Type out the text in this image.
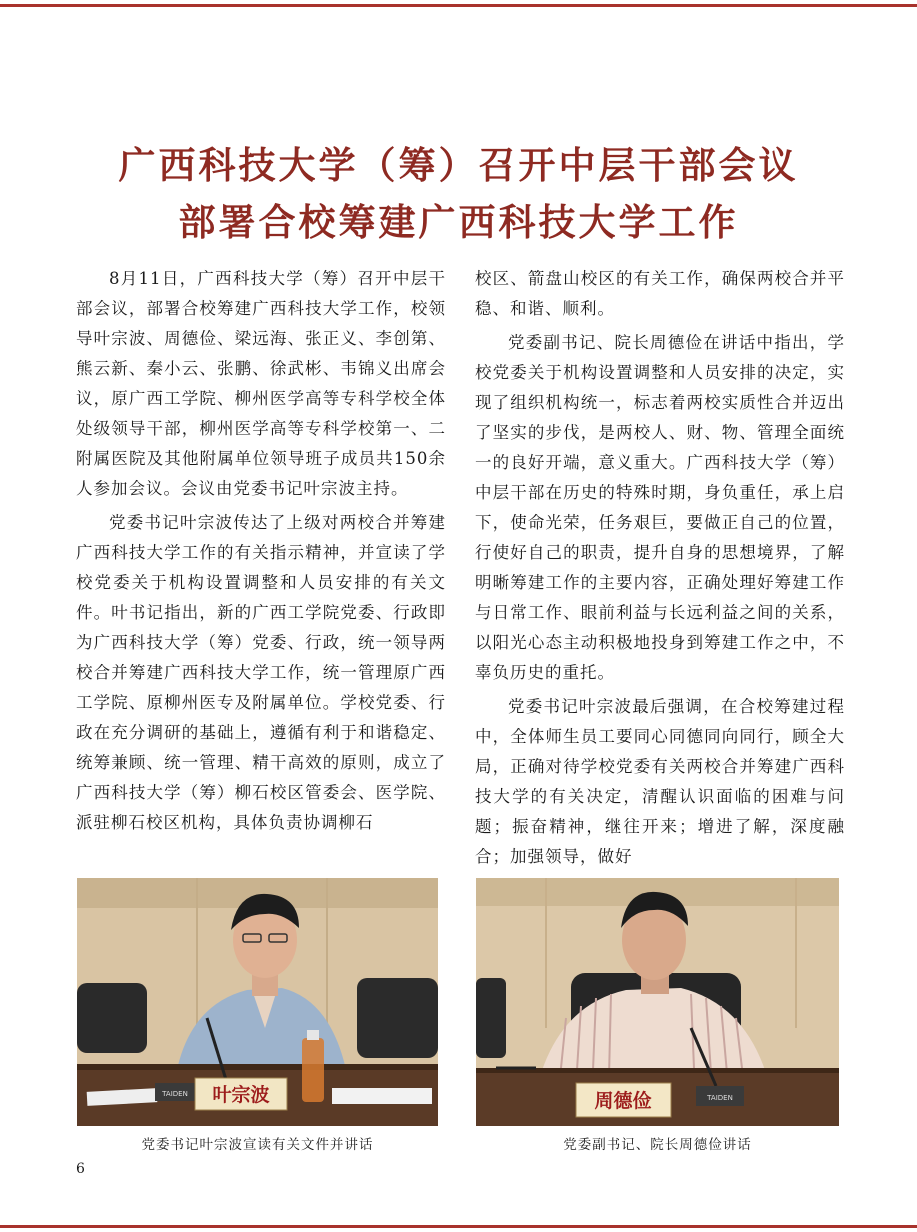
广西科技大学（筹）召开中层干部会议
部署合校筹建广西科技大学工作

8月11日，广西科技大学（筹）召开中层干部会议，部署合校筹建广西科技大学工作，校领导叶宗波、周德俭、梁远海、张正义、李创第、熊云新、秦小云、张鹏、徐武彬、韦锦义出席会议，原广西工学院、柳州医学高等专科学校全体处级领导干部，柳州医学高等专科学校第一、二附属医院及其他附属单位领导班子成员共150余人参加会议。会议由党委书记叶宗波主持。

党委书记叶宗波传达了上级对两校合并筹建广西科技大学工作的有关指示精神，并宣读了学校党委关于机构设置调整和人员安排的有关文件。叶书记指出，新的广西工学院党委、行政即为广西科技大学（筹）党委、行政，统一领导两校合并筹建广西科技大学工作，统一管理原广西工学院、原柳州医专及附属单位。学校党委、行政在充分调研的基础上，遵循有利于和谐稳定、统筹兼顾、统一管理、精干高效的原则，成立了广西科技大学（筹）柳石校区管委会、医学院、派驻柳石校区机构，具体负责协调柳石

校区、箭盘山校区的有关工作，确保两校合并平稳、和谐、顺利。

党委副书记、院长周德俭在讲话中指出，学校党委关于机构设置调整和人员安排的决定，实现了组织机构统一，标志着两校实质性合并迈出了坚实的步伐，是两校人、财、物、管理全面统一的良好开端，意义重大。广西科技大学（筹）中层干部在历史的特殊时期，身负重任，承上启下，使命光荣，任务艰巨，要做正自己的位置，行使好自己的职责，提升自身的思想境界，了解明晰筹建工作的主要内容，正确处理好筹建工作与日常工作、眼前利益与长远利益之间的关系，以阳光心态主动积极地投身到筹建工作之中，不辜负历史的重托。

党委书记叶宗波最后强调，在合校筹建过程中，全体师生员工要同心同德同向同行，顾全大局，正确对待学校党委有关两校合并筹建广西科技大学的有关决定，清醒认识面临的困难与问题；振奋精神，继往开来；增进了解，深度融合；加强领导，做好

叶宗波
TAIDEN	周德俭	TAIDEN
党委书记叶宗波宣读有关文件并讲话	党委副书记、院长周德俭讲话
6
